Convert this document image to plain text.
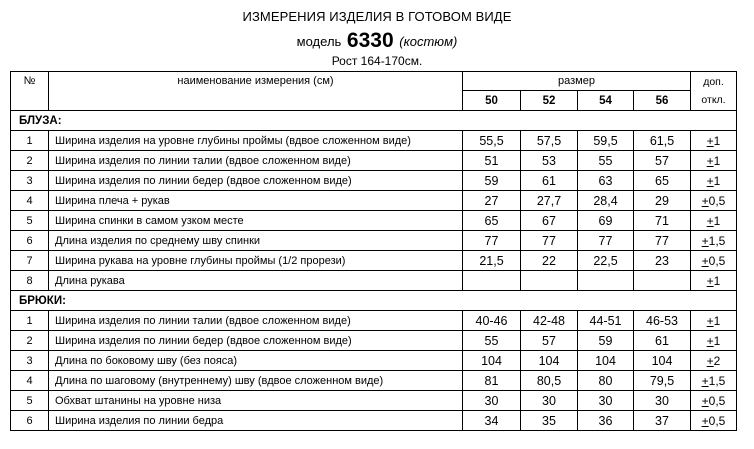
ИЗМЕРЕНИЯ ИЗДЕЛИЯ В ГОТОВОМ ВИДЕ
модель 6330 (костюм)
Рост 164-170см.
№	наименование измерения (см)	размер				доп. откл.
		50	52	54	56	
БЛУЗА:						
1	Ширина изделия на уровне глубины проймы (вдвое сложенном виде)	55,5	57,5	59,5	61,5	+1
2	Ширина изделия по линии талии (вдвое сложенном виде)	51	53	55	57	+1
3	Ширина изделия по линии бедер (вдвое сложенном виде)	59	61	63	65	+1
4	Ширина плеча + рукав	27	27,7	28,4	29	+0,5
5	Ширина спинки в самом узком месте	65	67	69	71	+1
6	Длина изделия по среднему шву спинки	77	77	77	77	+1,5
7	Ширина рукава на уровне глубины проймы (1/2 прорези)	21,5	22	22,5	23	+0,5
8	Длина рукава					+1
БРЮКИ:						
1	Ширина изделия по линии талии (вдвое сложенном виде)	40-46	42-48	44-51	46-53	+1
2	Ширина изделия по линии бедер (вдвое сложенном виде)	55	57	59	61	+1
3	Длина по боковому шву (без пояса)	104	104	104	104	+2
4	Длина по шаговому (внутреннему) шву (вдвое сложенном виде)	81	80,5	80	79,5	+1,5
5	Обхват штанины на уровне низа	30	30	30	30	+0,5
6	Ширина изделия по линии бедра	34	35	36	37	+0,5
